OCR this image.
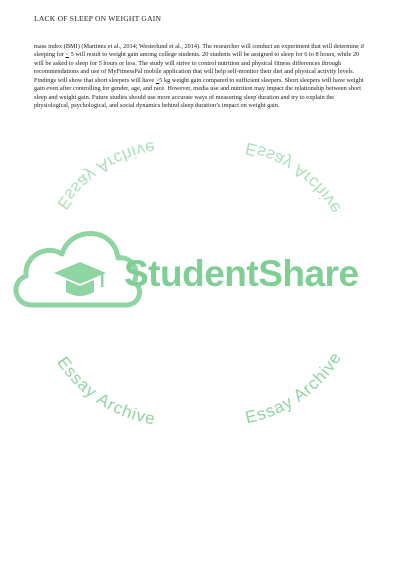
LACK OF SLEEP ON WEIGHT GAIN
mass index (BMI) (Martinez et al., 2014; Westerlund et al., 2014). The researcher will conduct an experiment that will determine if sleeping for ≤ 5 will result to weight gain among college students. 20 students will be assigned to sleep for 6 to 8 hours, while 20 will be asked to sleep for 5 hours or less. The study will strive to control nutrition and physical fitness differences through recommendations and use of MyFitnessPal mobile application that will help self-monitor their diet and physical activity levels. Findings will show that short sleepers will have ≥5 kg weight gain compared to sufficient sleepers. Short sleepers will have weight gain even after controlling for gender, age, and race. However, media use and nutrition may impact the relationship between short sleep and weight gain. Future studies should use more accurate ways of measuring sleep duration and try to explain the physiological, psychological, and social dynamics behind sleep duration’s impact on weight gain.
Essay Archive	Essay Archive
Essay Archive	Essay Archive
StudentShare
